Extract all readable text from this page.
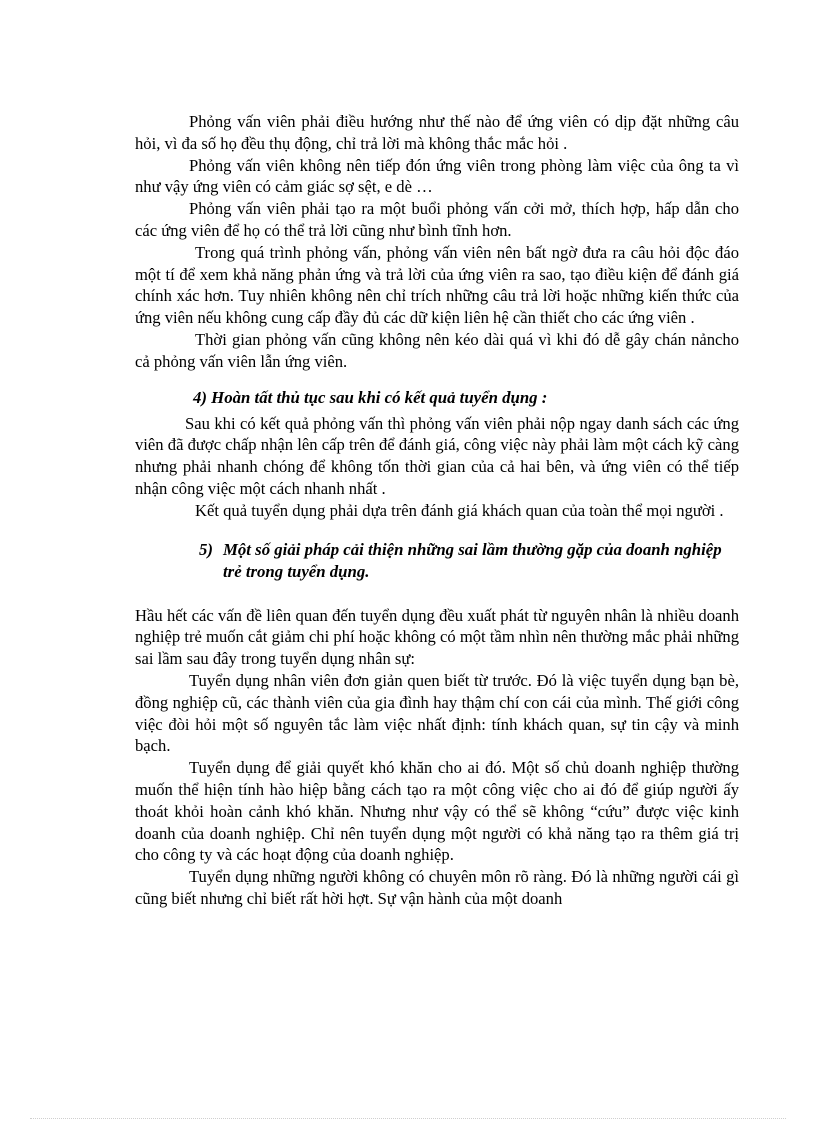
Phỏng vấn viên phải điều hướng như thế nào để ứng viên có dịp đặt những câu hỏi, vì đa số họ đều thụ động, chỉ trả lời mà không thắc mắc hỏi .

Phỏng vấn viên không nên tiếp đón ứng viên trong phòng làm việc của ông ta vì như vậy ứng viên có cảm giác sợ sệt, e dè …

Phỏng vấn viên phải tạo ra một buổi phỏng vấn cởi mở, thích hợp, hấp dẫn cho các ứng viên để họ có thể trả lời cũng như bình tĩnh hơn.

Trong quá trình phỏng vấn, phỏng vấn viên nên bất ngờ đưa ra câu hỏi độc đáo một tí để xem khả năng phản ứng và trả lời của ứng viên ra sao, tạo điều kiện để đánh giá chính xác hơn. Tuy nhiên không nên chỉ trích những câu trả lời hoặc những kiến thức của ứng viên nếu không cung cấp đầy đủ các dữ kiện liên hệ cần thiết cho các ứng viên .

Thời gian phỏng vấn cũng không nên kéo dài quá vì khi đó dễ gây chán nảncho cả phỏng vấn viên lẫn ứng viên.

4) Hoàn tất thủ tục sau khi có kết quả tuyển dụng :

Sau khi có kết quả phỏng vấn thì phỏng vấn viên phải nộp ngay danh sách các ứng viên đã được chấp nhận lên cấp trên để đánh giá, công việc này phải làm một cách kỹ càng nhưng phải nhanh chóng để không tốn thời gian của cả hai bên, và ứng viên có thể tiếp nhận công việc một cách nhanh nhất .

Kết quả tuyển dụng phải dựa trên đánh giá khách quan của toàn thể mọi người .

5) Một số giải pháp cải thiện những sai lầm thường gặp của doanh nghiệp trẻ trong tuyển dụng.

Hầu hết các vấn đề liên quan đến tuyển dụng đều xuất phát từ nguyên nhân là nhiều doanh nghiệp trẻ muốn cắt giảm chi phí hoặc không có một tầm nhìn nên thường mắc phải những sai lầm sau đây trong tuyển dụng nhân sự:

Tuyển dụng nhân viên đơn giản quen biết từ trước. Đó là việc tuyển dụng bạn bè, đồng nghiệp cũ, các thành viên của gia đình hay thậm chí con cái của mình. Thế giới công việc đòi hỏi một số nguyên tắc làm việc nhất định: tính khách quan, sự tin cậy và minh bạch.

Tuyển dụng để giải quyết khó khăn cho ai đó. Một số chủ doanh nghiệp thường muốn thể hiện tính hào hiệp bằng cách tạo ra một công việc cho ai đó để giúp người ấy thoát khỏi hoàn cảnh khó khăn. Nhưng như vậy có thể sẽ không “cứu” được việc kinh doanh của doanh nghiệp. Chỉ nên tuyển dụng một người có khả năng tạo ra thêm giá trị cho công ty và các hoạt động của doanh nghiệp.

Tuyển dụng những người không có chuyên môn rõ ràng. Đó là những người cái gì cũng biết nhưng chỉ biết rất hời hợt. Sự vận hành của một doanh
